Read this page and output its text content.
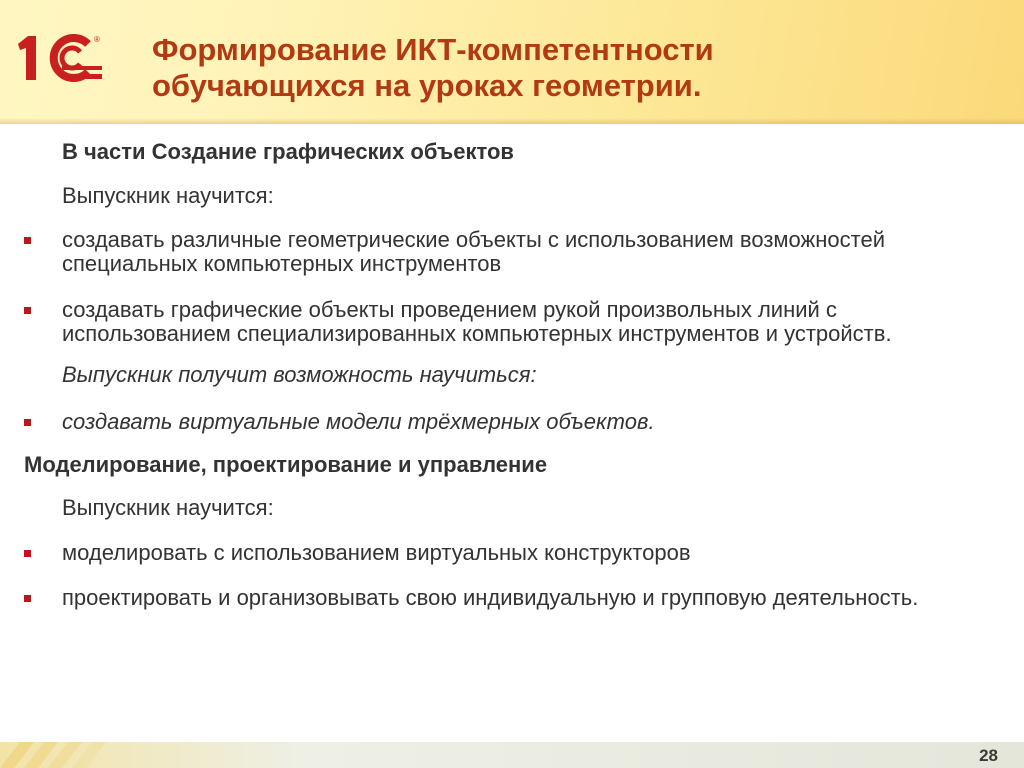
® Формирование ИКТ-компетентности
обучающихся на уроках геометрии.
В части Создание графических объектов
Выпускник научится:
создавать различные геометрические объекты с использованием возможностей специальных компьютерных инструментов
создавать графические объекты проведением рукой произвольных линий с использованием специализированных компьютерных инструментов и устройств.
Выпускник получит возможность научиться:
создавать виртуальные модели трёхмерных объектов.
Моделирование, проектирование и управление
Выпускник научится:
моделировать с использованием виртуальных конструкторов
проектировать и организовывать свою индивидуальную и групповую деятельность.
28
